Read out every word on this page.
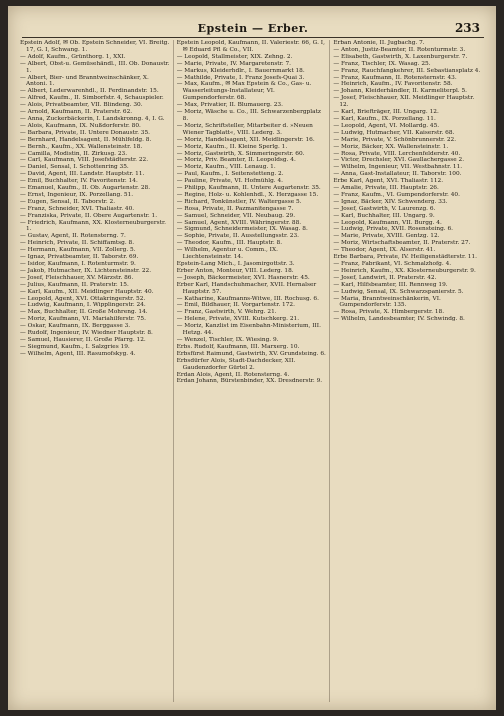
Epstein — Erber.	233

Epstein Adolf, ✉ Ob. Epstein Schneider, VI. Breitg. 17, G. I, Schwang. 1.

— Adolf, Kaufm., Grünthorg. 1, XXI.

— Albert, Obst-u. Gemüsehändl., III. Ob. Donaustr. 1.

— Albert, Bier- und Branntweinschänker, X. Antoni. 1.

— Albert, Lederwarenhdl., II. Ferdinandstr. 15.

— Alfred, Kaufm., II. Simborfstr. 4, Schauspieler.

— Alois, Privatbeamter, VII. Blindeng. 30.

— Arnold, Kaufmann, II. Praterstr. 62.

— Anna, Zuckerbäckerin, I. Landskronng. 4, I. G.

— Alois, Kaufmann, IX. Nußdorferstr. 80.

— Barbara, Private, II. Untere Donaustr. 35.

— Bernhard, Handelsagent, II. Mühlfeldg. 8.

— Bernh., Kaufm., XX. Wallensteinstr. 18.

— Camilla, Modistin, II. Zirkusg. 23.

— Carl, Kaufmann, VIII. Josefstädterstr. 22.

— Daniel, Sensal, I. Schottenring 35.

— David, Agent, III. Landstr. Hauptstr. 11.

— Emil, Buchhalter, IV. Favoritenstr. 14.

— Emanuel, Kaufm., II. Ob. Augartenstr. 28.

— Ernst, Ingenieur, IX. Porzellang. 51.

— Eugen, Sensal, II. Taborstr. 2.

— Franz, Schneider, XVI. Thaliastr. 40.

— Franziska, Private, II. Obere Augartenstr. 1.

— Friedrich, Kaufmann, XX. Klosterneuburgerstr. 1.

— Gustav, Agent, II. Rotensterng. 7.

— Heinrich, Private, II. Schiffamtsg. 8.

— Hermann, Kaufmann, VII. Zollerg. 5.

— Ignaz, Privatbeamter, II. Taborstr. 69.

— Isidor, Kaufmann, I. Rotenturmstr. 9.

— Jakob, Hutmacher, IX. Lichtensteinstr. 22.

— Josef, Fleischhauer, XV. Märzstr. 86.

— Julius, Kaufmann, II. Praterstr. 15.

— Karl, Kaufm., XII. Meidlinger Hauptstr. 40.

— Leopold, Agent, XVI. Ottakringerstr. 52.

— Ludwig, Kaufmann, I. Wipplingerstr. 24.

— Max, Buchhalter, II. Große Mohreng. 14.

— Moriz, Kaufmann, VI. Mariahilferstr. 75.

— Oskar, Kaufmann, IX. Berggasse 3.

— Rudolf, Ingenieur, IV. Wiedner Hauptstr. 8.

— Samuel, Hausierer, II. Große Pfarrg. 12.

— Siegmund, Kaufm., I. Salzgries 19.

— Wilhelm, Agent, III. Rasumofskyg. 4.

Epstein Leopold, Kaufmann, II. Valeriestr. 66, G. I, ✉ Eduard Pfl & Co., VII.

— Leopold, Stallmeister, XIX. Zehng. 2.

— Marie, Private, IV. Margaretenstr. 7.

— Markus, Kleiderhdlr., I. Bauernmarkt 18.

— Mathilde, Private, I. Franz Josefs-Quai 3.

— Max, Kaufm., ✉ Max Epstein & Co., Gas- u. Wasserleitungs-Installateur, VI. Gumpendorferstr. 68.

— Max, Privatier, II. Blumauerg. 23.

— Moriz, Wäsche u. Co., III. Schwarzenbergplatz 8.

— Moriz, Schriftsteller, Mitarbeiter d. »Neuen Wiener Tagblatt«, VIII. Lederg. 3.

— Moriz, Handelsagent, XII. Meidlingerstr. 16.

— Moriz, Kaufm., II. Kleine Sperlg. 1.

— Moriz, Gastwirth, X. Simmeringerstr. 60.

— Moriz, Priv. Beamter, II. Leopoldsg. 4.

— Moriz, Kaufm., VIII. Lenaug. 1.

— Paul, Kaufm., I. Seitenstetteng. 2.

— Pauline, Private, VI. Hofmühlg. 4.

— Philipp, Kaufmann, II. Untere Augartenstr. 35.

— Regine, Holz- u. Kohlenhdl., X. Herzgasse 15.

— Richard, Tonkünstler, IV. Waltergasse 5.

— Rosa, Private, II. Pazmanitengasse 7.

— Samuel, Schneider, VII. Neubaug. 29.

— Samuel, Agent, XVIII. Währingerstr. 88.

— Sigmund, Schneidermeister, IX. Wasag. 8.

— Sophie, Private, II. Ausstellungsstr. 23.

— Theodor, Kaufm., III. Hauptstr. 8.

— Wilhelm, Agentur u. Comm., IX. Liechtensteinstr. 14.

Epstein-Lang Mich., I. Jasomirgottstr. 3.

Erber Anton, Monteur, VIII. Lederg. 18.

— Joseph, Bäckermeister, XVI. Hasnerstr. 45.

Erber Karl, Handschuhmacher, XVII. Hernalser Hauptstr. 57.

— Katharine, Kaufmanns-Witwe, III. Rochusg. 6.

— Emil, Bildhauer, II. Vorgartenstr. 172.

— Franz, Gastwirth, V. Wehrg. 21.

— Helene, Private, XVIII. Kutschkerg. 21.

— Moriz, Kanzlist im Eisenbahn-Ministerium, III. Hetzg. 44.

— Wenzel, Tischler, IX. Wiesing. 9.

Erbs. Rudolf, Kaufmann, III. Marxerg. 10.

Erbsfürst Raimund, Gastwirth, XV. Grundsteing. 6.

Erbsdürfer Alois, Stadt-Dachdecker, XII. Gaudenzdorfer Gürtel 2.

Erdan Alois, Agent, II. Rotensterng. 4.

Erdan Johann, Bürstenbinder, XX. Dresdnerstr. 9.

Erban Antonie, II. Jugbachg. 7.

— Anton, Justiz-Beamter, II. Rotenturmstr. 3.

— Elisabeth, Gastwirth, X. Laxenburgerstr. 7.

— Franz, Tischler, IX. Wasag. 25.

— Franz, Rauchfangkehrer, III. Sebastiansplatz 4.

— Franz, Kaufmann, II. Rotensternstr. 43.

— Heinrich, Kaufm., IV. Favoritenstr. 58.

— Johann, Kleiderhändler, II. Karmeliterpl. 5.

— Josef, Fleischhauer, XII. Meidlinger Hauptstr. 12.

— Karl, Briefträger, III. Ungarg. 12.

— Karl, Kaufm., IX. Porzellang. 11.

— Leopold, Agent, VI. Mollardg. 45.

— Ludwig, Hutmacher, VII. Kaiserstr. 68.

— Marie, Private, V. Schönbrunnerstr. 22.

— Moriz, Bäcker, XX. Wallensteinstr. 1.

— Rosa, Private, VIII. Lerchenfelderstr. 40.

— Victor, Drechsler, XVI. Gaullachergasse 2.

— Wilhelm, Ingenieur, VII. Westbahnstr. 11.

— Anna, Gast-Installateur, II. Taborstr. 100.

Erbe Karl, Agent, XVI. Thaliastr. 112.

— Amalie, Private, III. Hauptstr. 26.

— Franz, Kaufm., VI. Gumpendorferstr. 40.

— Ignaz, Bäcker, XIV. Schwenderg. 33.

— Josef, Gastwirth, V. Laurenzg. 6.

— Karl, Buchhalter, III. Ungarg. 9.

— Leopold, Kaufmann, VII. Burgg. 4.

— Ludwig, Private, XVII. Rosensteing. 6.

— Marie, Private, XVIII. Gentzg. 12.

— Moriz, Wirtschaftsbeamter, II. Praterstr. 27.

— Theodor, Agent, IX. Alserstr. 41.

Erbe Barbara, Private, IV. Heiligenstädterstr. 11.

— Franz, Fabrikant, VI. Schmalzhofg. 4.

— Heinrich, Kaufm., XX. Klosterneuburgerstr. 9.

— Josef, Landwirt, II. Praterstr. 42.

— Karl, Hilfsbeamter, III. Rennweg 19.

— Ludwig, Sensal, IX. Schwarzspanierstr. 5.

— Maria, Branntweinschänkerin, VI. Gumpendorferstr. 135.

— Rosa, Private, X. Himbergerstr. 18.

— Wilhelm, Landesbeamter, IV. Schwindg. 8.
